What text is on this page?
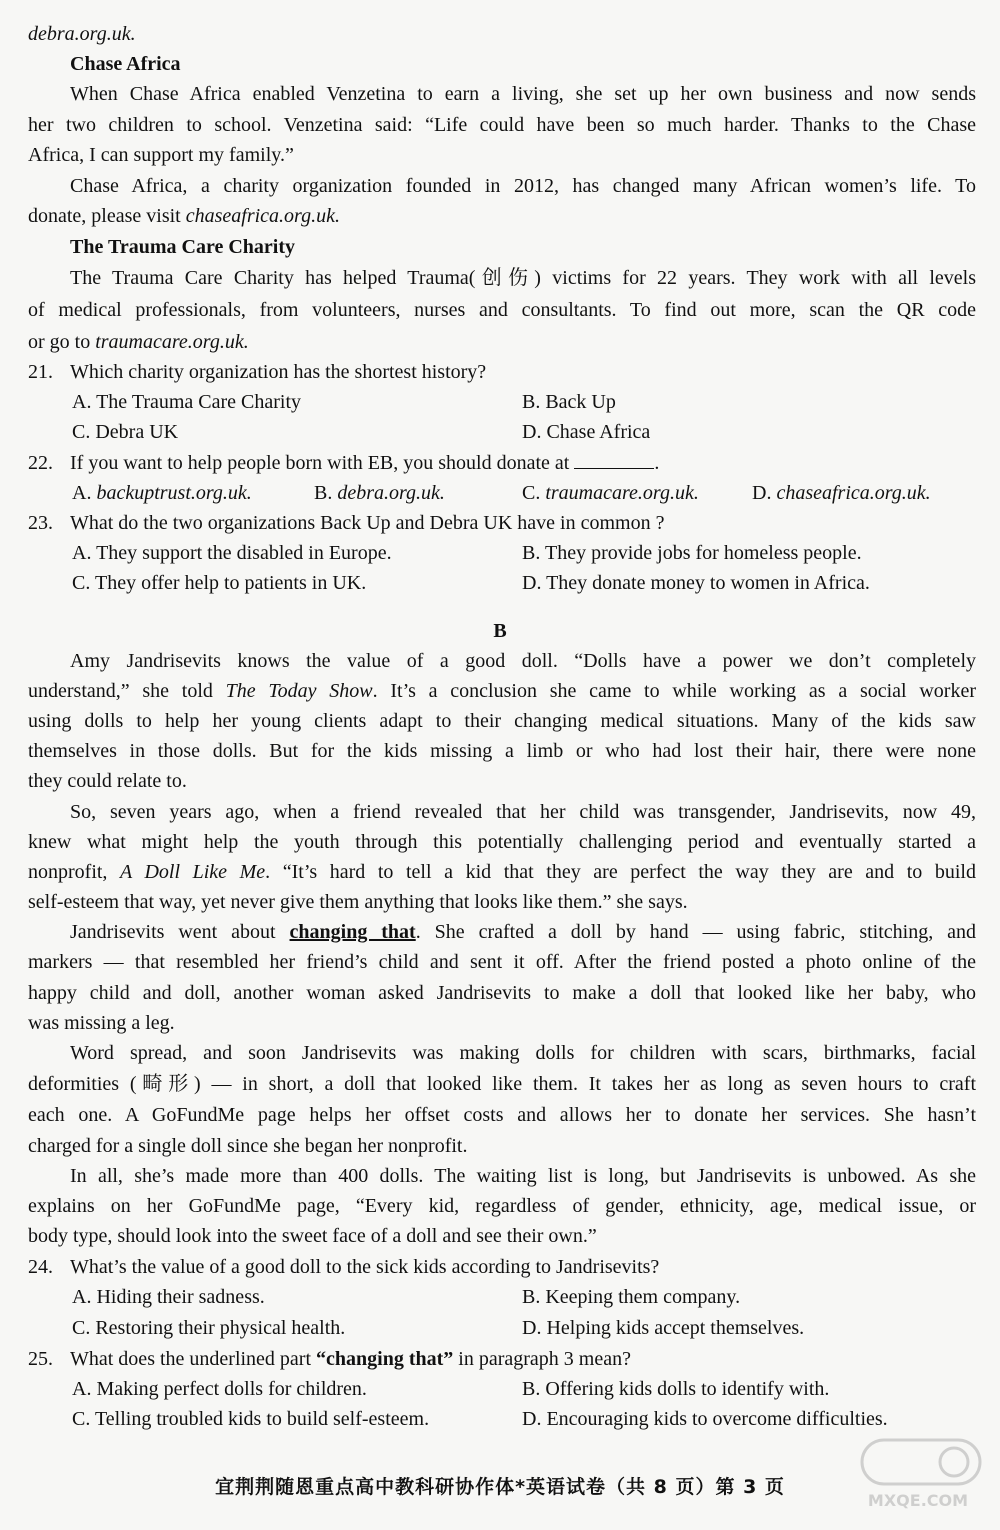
debra.org.uk.
Chase Africa
When Chase Africa enabled Venzetina to earn a living, she set up her own business and now sends
her two children to school. Venzetina said: “Life could have been so much harder. Thanks to the Chase
Africa, I can support my family.”
Chase Africa, a charity organization founded in 2012, has changed many African women’s life. To
donate, please visit chaseafrica.org.uk.
The Trauma Care Charity
The Trauma Care Charity has helped Trauma(创伤) victims for 22 years. They work with all levels
of medical professionals, from volunteers, nurses and consultants. To find out more, scan the QR code
or go to traumacare.org.uk.
21. Which charity organization has the shortest history?
A. The Trauma Care Charity	B. Back Up
C. Debra UK	D. Chase Africa
22. If you want to help people born with EB, you should donate at	.
A. backuptrust.org.uk.	B. debra.org.uk.	C. traumacare.org.uk.	D. chaseafrica.org.uk.
23. What do the two organizations Back Up and Debra UK have in common ?
A. They support the disabled in Europe.	B. They provide jobs for homeless people.
C. They offer help to patients in UK.	D. They donate money to women in Africa.
B
Amy Jandrisevits knows the value of a good doll. “Dolls have a power we don’t completely
understand,” she told The Today Show. It’s a conclusion she came to while working as a social worker
using dolls to help her young clients adapt to their changing medical situations. Many of the kids saw
themselves in those dolls. But for the kids missing a limb or who had lost their hair, there were none
they could relate to.
So, seven years ago, when a friend revealed that her child was transgender, Jandrisevits, now 49,
knew what might help the youth through this potentially challenging period and eventually started a
nonprofit, A Doll Like Me. “It’s hard to tell a kid that they are perfect the way they are and to build
self-esteem that way, yet never give them anything that looks like them.” she says.
Jandrisevits went about changing that. She crafted a doll by hand — using fabric, stitching, and
markers — that resembled her friend’s child and sent it off. After the friend posted a photo online of the
happy child and doll, another woman asked Jandrisevits to make a doll that looked like her baby, who
was missing a leg.
Word spread, and soon Jandrisevits was making dolls for children with scars, birthmarks, facial
deformities (畸形) — in short, a doll that looked like them. It takes her as long as seven hours to craft
each one. A GoFundMe page helps her offset costs and allows her to donate her services. She hasn’t
charged for a single doll since she began her nonprofit.
In all, she’s made more than 400 dolls. The waiting list is long, but Jandrisevits is unbowed. As she
explains on her GoFundMe page, “Every kid, regardless of gender, ethnicity, age, medical issue, or
body type, should look into the sweet face of a doll and see their own.”
24. What’s the value of a good doll to the sick kids according to Jandrisevits?
A. Hiding their sadness.	B. Keeping them company.
C. Restoring their physical health.	D. Helping kids accept themselves.
25. What does the underlined part “changing that” in paragraph 3 mean?
A. Making perfect dolls for children.	B. Offering kids dolls to identify with.
C. Telling troubled kids to build self-esteem.	D. Encouraging kids to overcome difficulties.
宜荆荆随恩重点高中教科研协作体*英语试卷（共 8 页）第 3 页
MXQE.COM
